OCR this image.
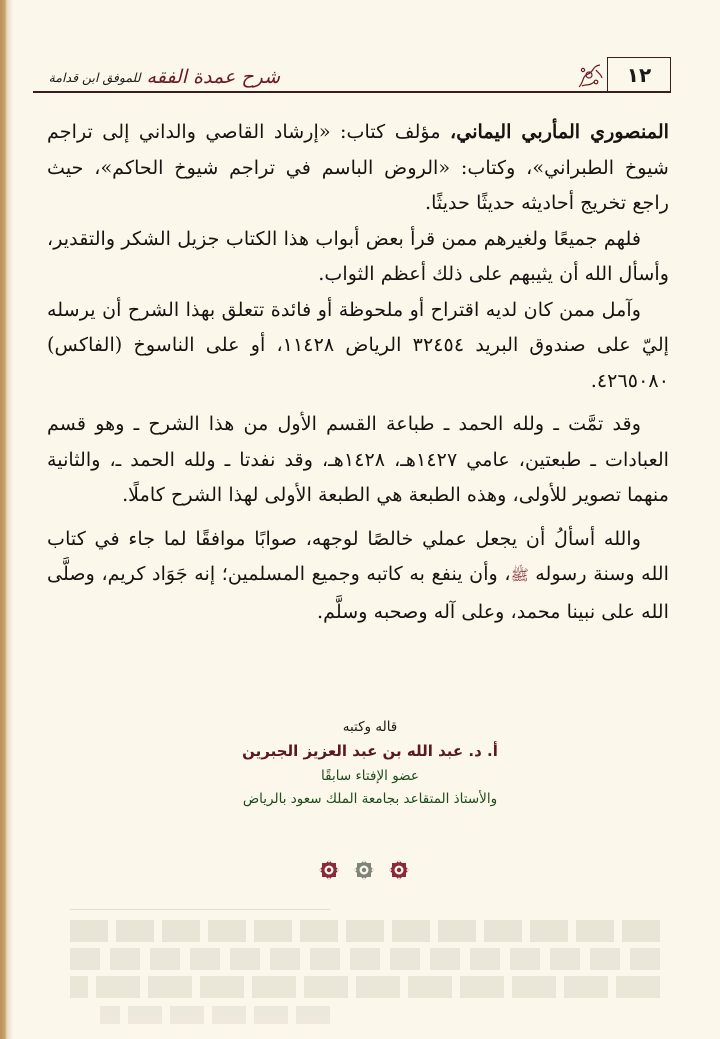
شرح عمدة الفقه
للموفق ابن قدامة	١٢

المنصوري المأربي اليماني، مؤلف كتاب: «إرشاد القاصي والداني إلى تراجم شيوخ الطبراني»، وكتاب: «الروض الباسم في تراجم شيوخ الحاكم»، حيث راجع تخريج أحاديثه حديثًا حديثًا.

فلهم جميعًا ولغيرهم ممن قرأ بعض أبواب هذا الكتاب جزيل الشكر والتقدير، وأسأل الله أن يثيبهم على ذلك أعظم الثواب.

وآمل ممن كان لديه اقتراح أو ملحوظة أو فائدة تتعلق بهذا الشرح أن يرسله إليّ على صندوق البريد ٣٢٤٥٤ الرياض ١١٤٢٨، أو على الناسوخ (الفاكس) ٤٢٦٥٠٨٠.

وقد تمَّت ـ ولله الحمد ـ طباعة القسم الأول من هذا الشرح ـ وهو قسم العبادات ـ طبعتين، عامي ١٤٢٧هـ، ١٤٢٨هـ، وقد نفدتا ـ ولله الحمد ـ، والثانية منهما تصوير للأولى، وهذه الطبعة هي الطبعة الأولى لهذا الشرح كاملًا.

والله أسألُ أن يجعل عملي خالصًا لوجهه، صوابًا موافقًا لما جاء في كتاب الله وسنة رسوله ﷺ، وأن ينفع به كاتبه وجميع المسلمين؛ إنه جَوَاد كريم، وصلَّى الله على نبينا محمد، وعلى آله وصحبه وسلَّم.

قاله وكتبه
أ. د. عبد الله بن عبد العزيز الجبرين
عضو الإفتاء سابقًا
والأستاذ المتقاعد بجامعة الملك سعود بالرياض
